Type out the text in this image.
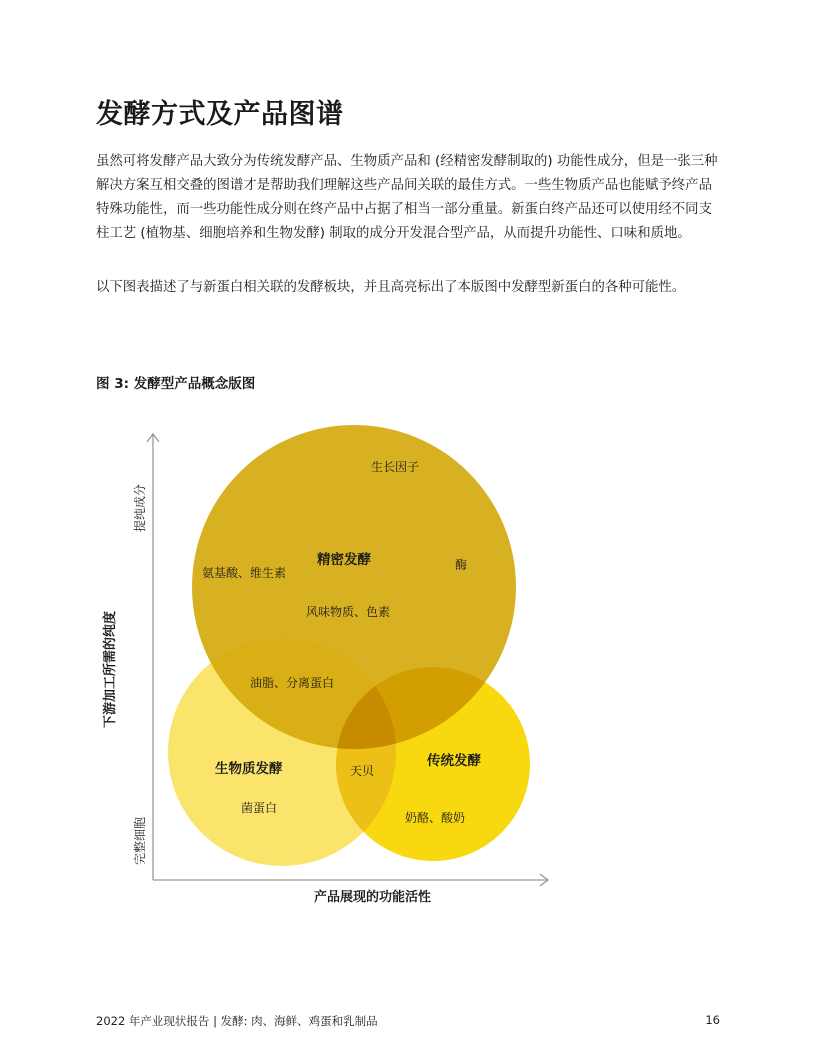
发酵方式及产品图谱

虽然可将发酵产品大致分为传统发酵产品、生物质产品和 (经精密发酵制取的) 功能性成分，但是一张三种解决方案互相交叠的图谱才是帮助我们理解这些产品间关联的最佳方式。一些生物质产品也能赋予终产品特殊功能性，而一些功能性成分则在终产品中占据了相当一部分重量。新蛋白终产品还可以使用经不同支柱工艺 (植物基、细胞培养和生物发酵) 制取的成分开发混合型产品，从而提升功能性、口味和质地。

以下图表描述了与新蛋白相关联的发酵板块，并且高亮标出了本版图中发酵型新蛋白的各种可能性。

图 3: 发酵型产品概念版图

提纯成分
完整细胞
下游加工所需的纯度
产品展现的功能活性
生长因子
精密发酵
氨基酸、维生素
酶
风味物质、色素
油脂、分离蛋白
天贝
生物质发酵
菌蛋白
传统发酵
奶酪、酸奶
2022 年产业现状报告 | 发酵: 肉、海鲜、鸡蛋和乳制品	16
